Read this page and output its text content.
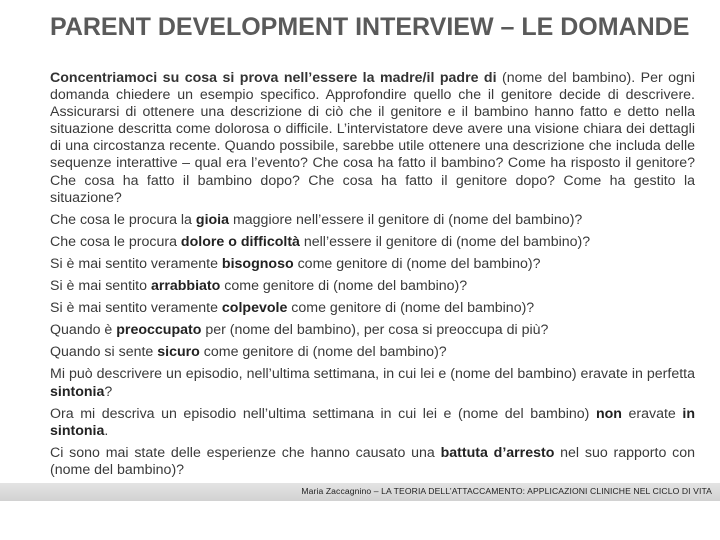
PARENT DEVELOPMENT INTERVIEW – LE DOMANDE

Concentriamoci su cosa si prova nell’essere la madre/il padre di (nome del bambino). Per ogni domanda chiedere un esempio specifico. Approfondire quello che il genitore decide di descrivere. Assicurarsi di ottenere una descrizione di ciò che il genitore e il bambino hanno fatto e detto nella situazione descritta come dolorosa o difficile. L’intervistatore deve avere una visione chiara dei dettagli di una circostanza recente. Quando possibile, sarebbe utile ottenere una descrizione che includa delle sequenze interattive – qual era l’evento? Che cosa ha fatto il bambino? Come ha risposto il genitore? Che cosa ha fatto il bambino dopo? Che cosa ha fatto il genitore dopo? Come ha gestito la situazione?

Che cosa le procura la gioia maggiore nell’essere il genitore di (nome del bambino)?

Che cosa le procura dolore o difficoltà nell’essere il genitore di (nome del bambino)?

Si è mai sentito veramente bisognoso come genitore di (nome del bambino)?

Si è mai sentito arrabbiato come genitore di (nome del bambino)?

Si è mai sentito veramente colpevole come genitore di (nome del bambino)?

Quando è preoccupato per (nome del bambino), per cosa si preoccupa di più?

Quando si sente sicuro come genitore di (nome del bambino)?

Mi può descrivere un episodio, nell’ultima settimana, in cui lei e (nome del bambino) eravate in perfetta sintonia?

Ora mi descriva un episodio nell’ultima settimana in cui lei e (nome del bambino) non eravate in sintonia.

Ci sono mai state delle esperienze che hanno causato una battuta d’arresto nel suo rapporto con (nome del bambino)?

Maria Zaccagnino – LA TEORIA DELL’ATTACCAMENTO: APPLICAZIONI CLINICHE NEL CICLO DI VITA
